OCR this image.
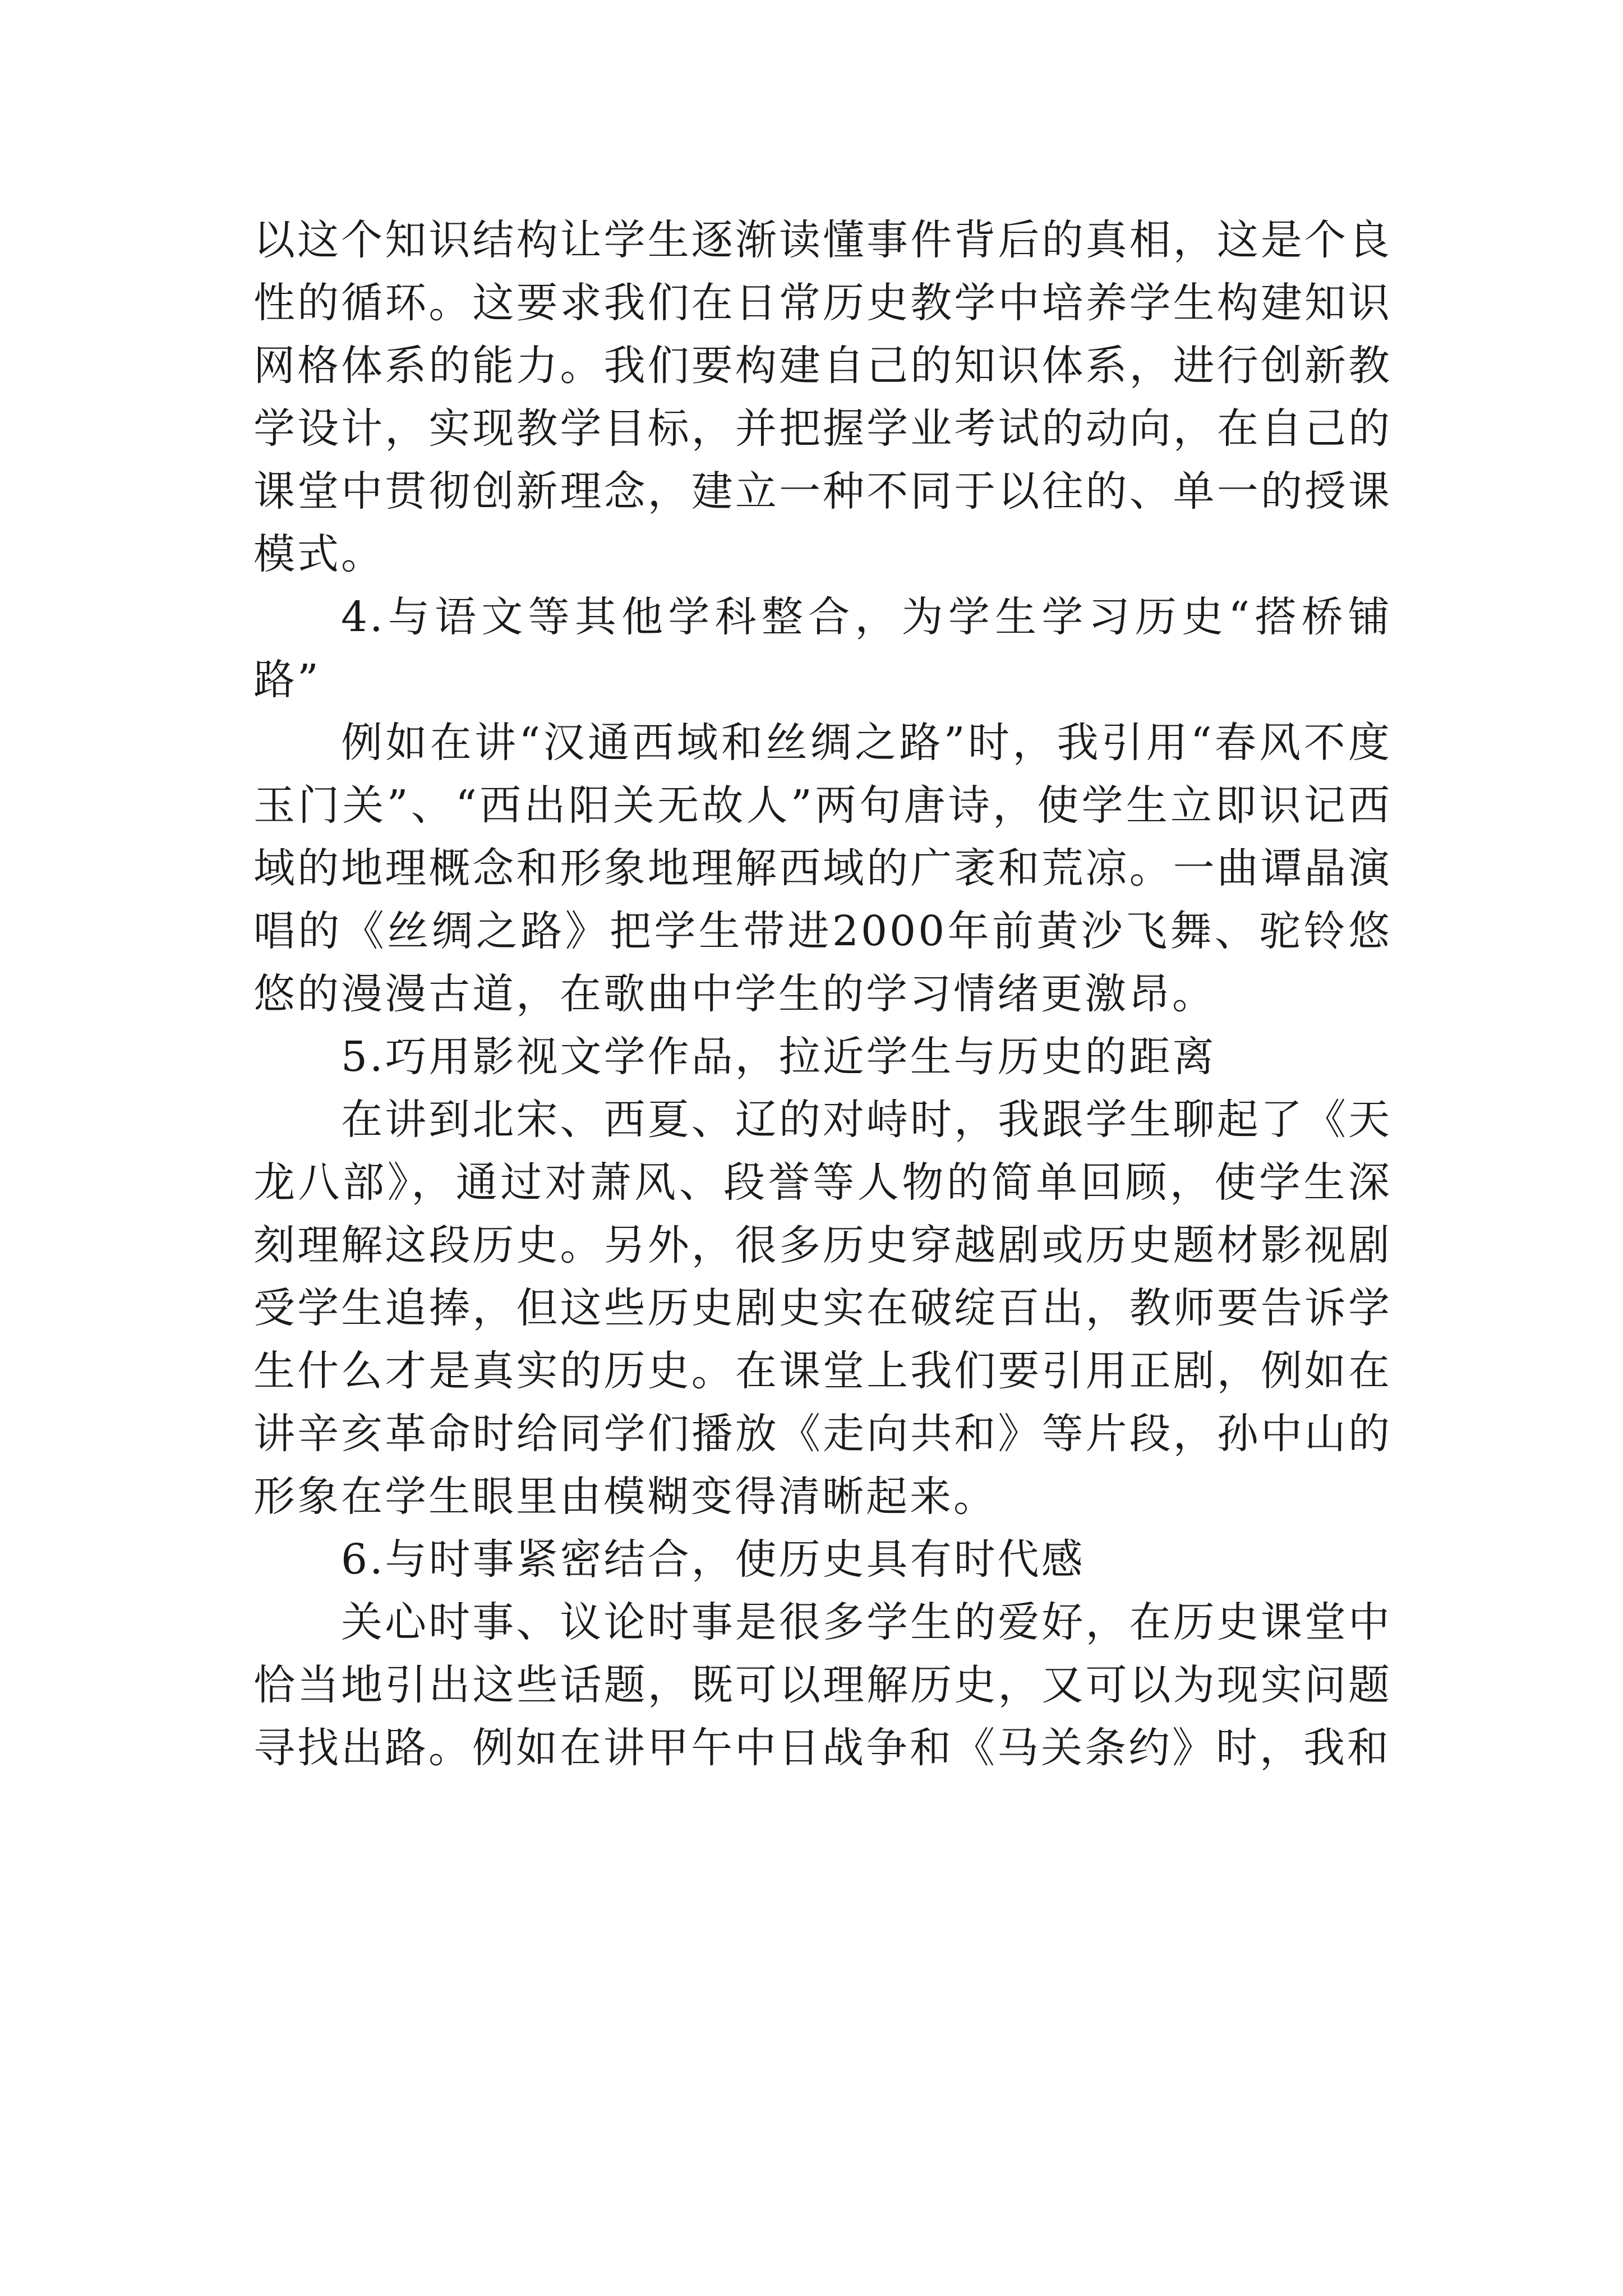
以这个知识结构让学生逐渐读懂事件背后的真相，这是个良性的循环。这要求我们在日常历史教学中培养学生构建知识网格体系的能力。我们要构建自己的知识体系，进行创新教学设计，实现教学目标，并把握学业考试的动向，在自己的课堂中贯彻创新理念，建立一种不同于以往的、单一的授课模式。

4.与语文等其他学科整合，为学生学习历史“搭桥铺路”

例如在讲“汉通西域和丝绸之路”时，我引用“春风不度玉门关”、“西出阳关无故人”两句唐诗，使学生立即识记西域的地理概念和形象地理解西域的广袤和荒凉。一曲谭晶演唱的《丝绸之路》把学生带进2000年前黄沙飞舞、驼铃悠悠的漫漫古道，在歌曲中学生的学习情绪更激昂。

5.巧用影视文学作品，拉近学生与历史的距离

在讲到北宋、西夏、辽的对峙时，我跟学生聊起了《天龙八部》，通过对萧风、段誉等人物的简单回顾，使学生深刻理解这段历史。另外，很多历史穿越剧或历史题材影视剧受学生追捧，但这些历史剧史实在破绽百出，教师要告诉学生什么才是真实的历史。在课堂上我们要引用正剧，例如在讲辛亥革命时给同学们播放《走向共和》等片段，孙中山的形象在学生眼里由模糊变得清晰起来。

6.与时事紧密结合，使历史具有时代感

关心时事、议论时事是很多学生的爱好，在历史课堂中恰当地引出这些话题，既可以理解历史，又可以为现实问题寻找出路。例如在讲甲午中日战争和《马关条约》时，我和
